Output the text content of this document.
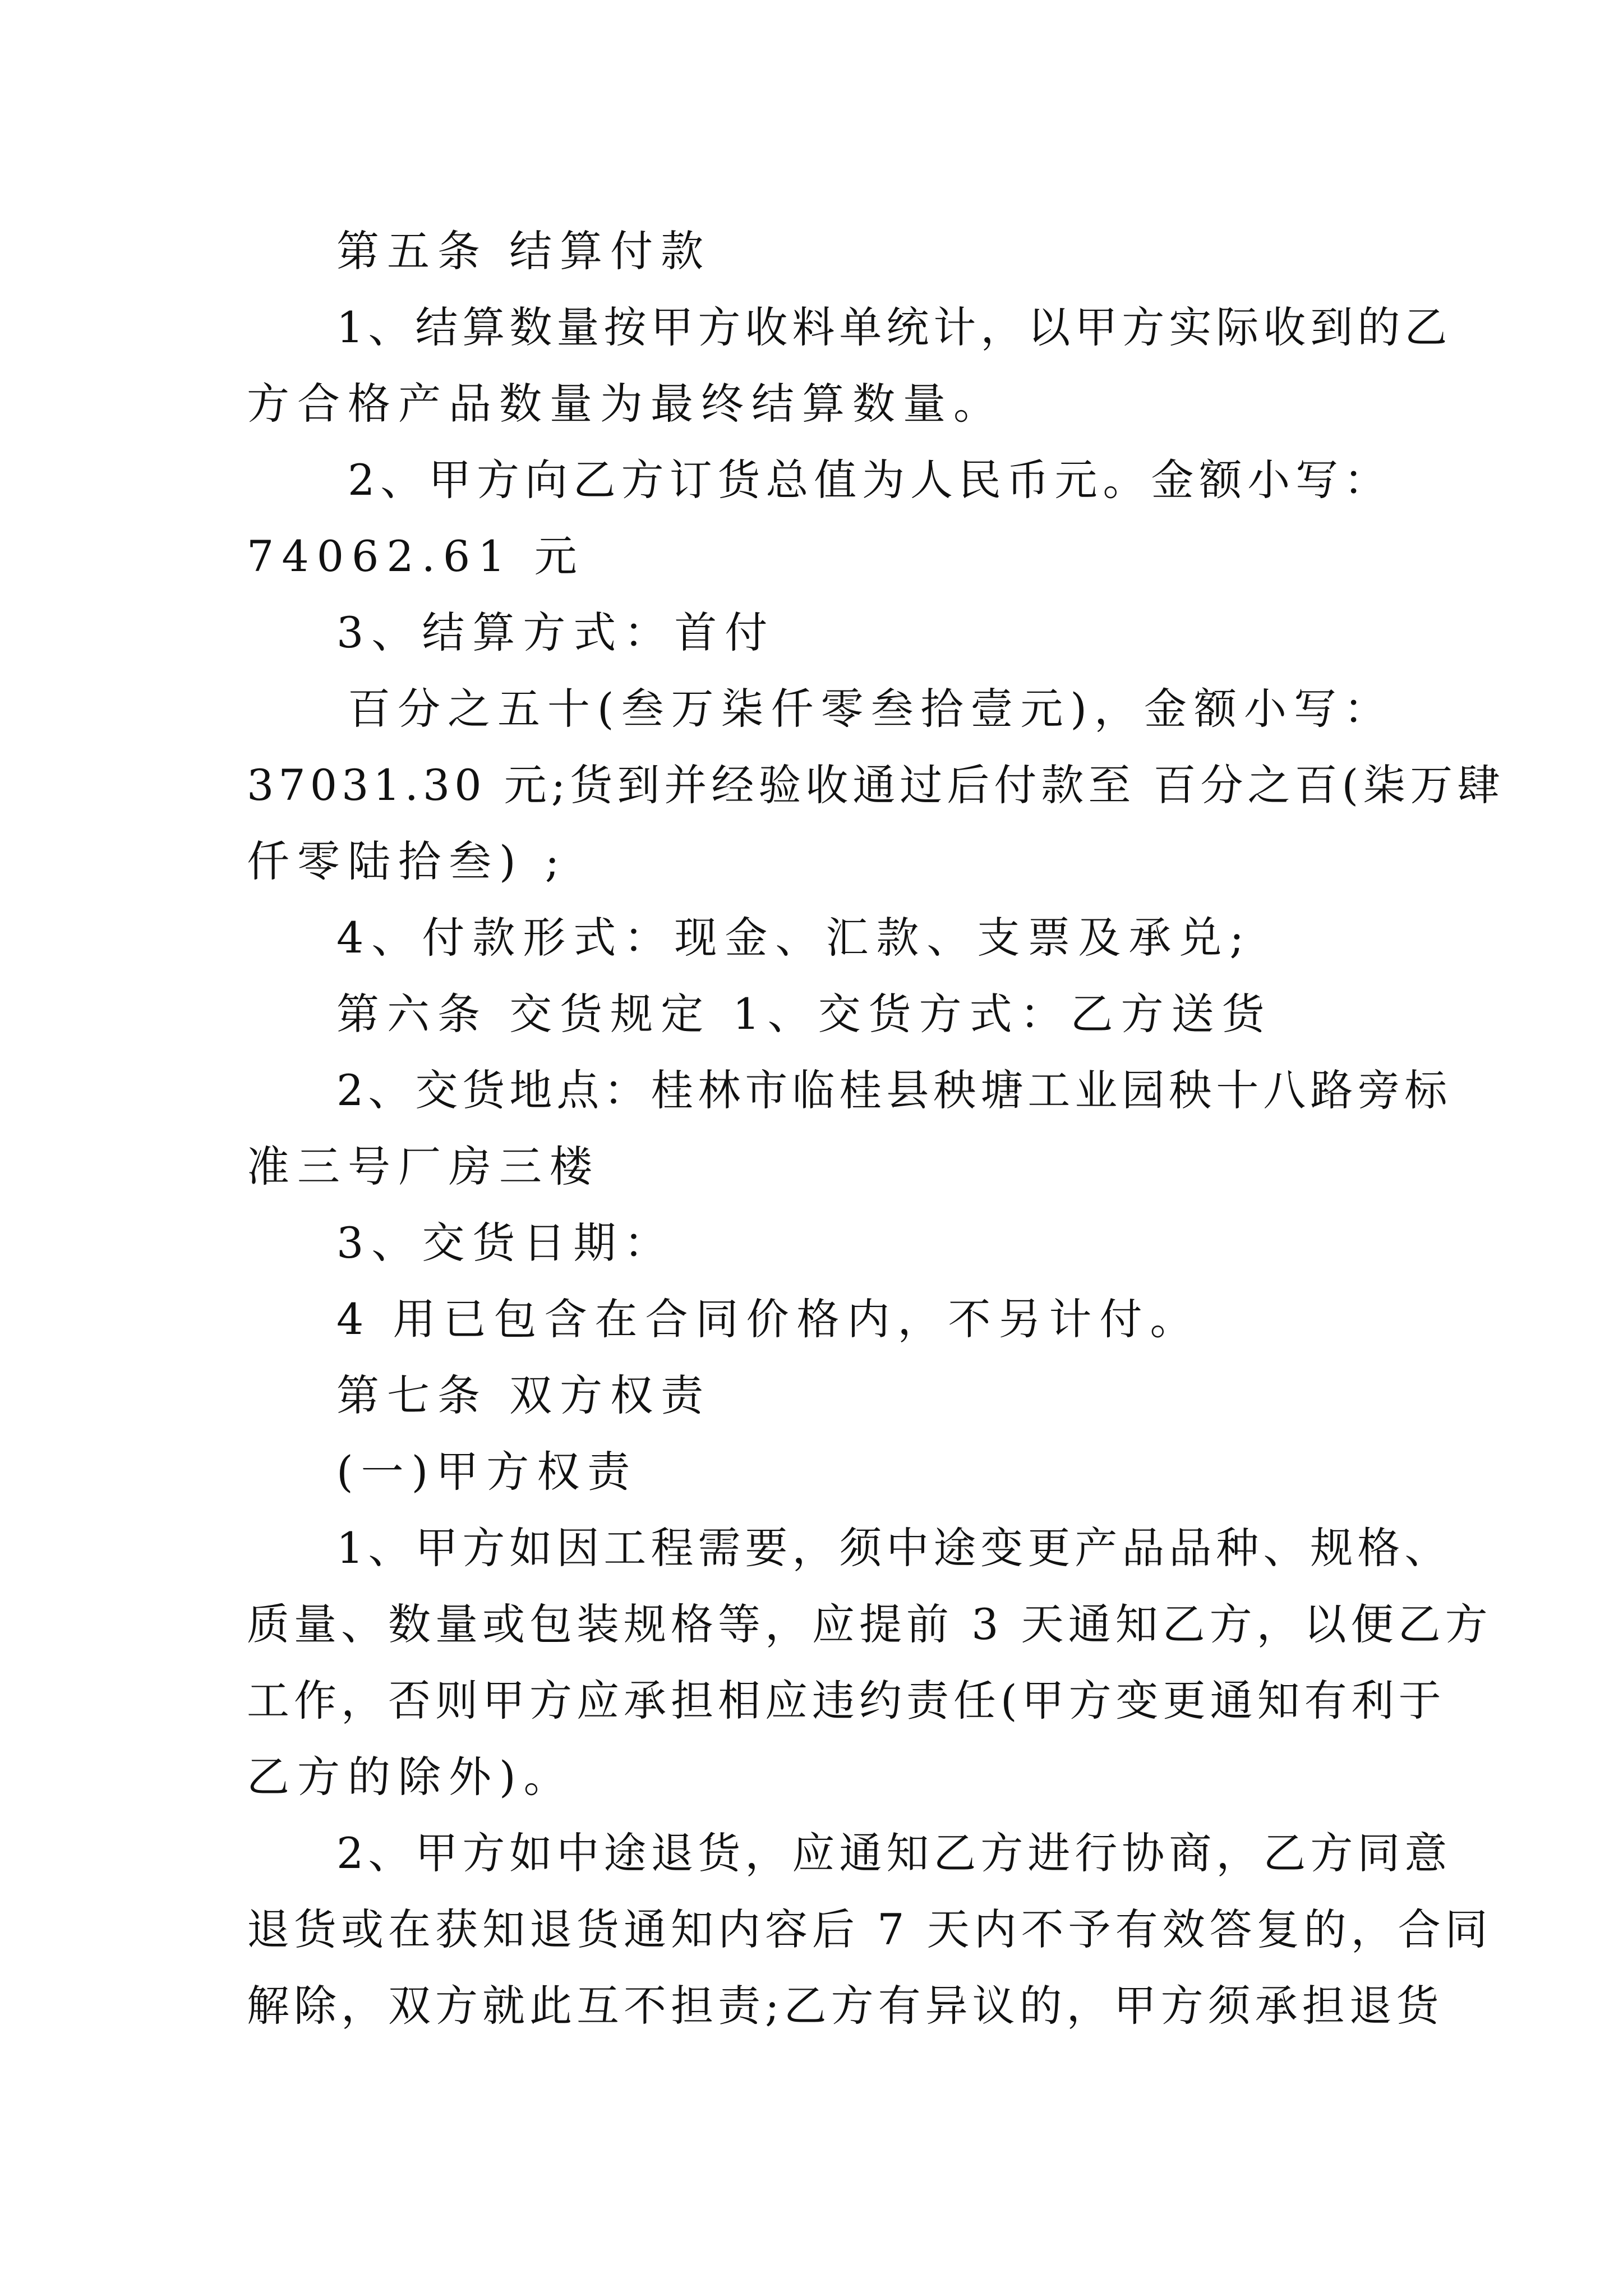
第五条 结算付款

1、结算数量按甲方收料单统计，以甲方实际收到的乙

方合格产品数量为最终结算数量。

2、甲方向乙方订货总值为人民币元。金额小写：

74062.61 元

3、结算方式：首付

百分之五十(叁万柒仟零叁拾壹元)，金额小写：

37031.30 元;货到并经验收通过后付款至 百分之百(柒万肆

仟零陆拾叁) ;

4、付款形式：现金、汇款、支票及承兑;

第六条 交货规定 1、交货方式：乙方送货

2、交货地点：桂林市临桂县秧塘工业园秧十八路旁标

准三号厂房三楼

3、交货日期：

4 用已包含在合同价格内，不另计付。

第七条 双方权责

(一)甲方权责

1、甲方如因工程需要，须中途变更产品品种、规格、

质量、数量或包装规格等，应提前 3 天通知乙方，以便乙方

工作，否则甲方应承担相应违约责任(甲方变更通知有利于

乙方的除外)。

2、甲方如中途退货，应通知乙方进行协商，乙方同意

退货或在获知退货通知内容后 7 天内不予有效答复的，合同

解除，双方就此互不担责;乙方有异议的，甲方须承担退货
